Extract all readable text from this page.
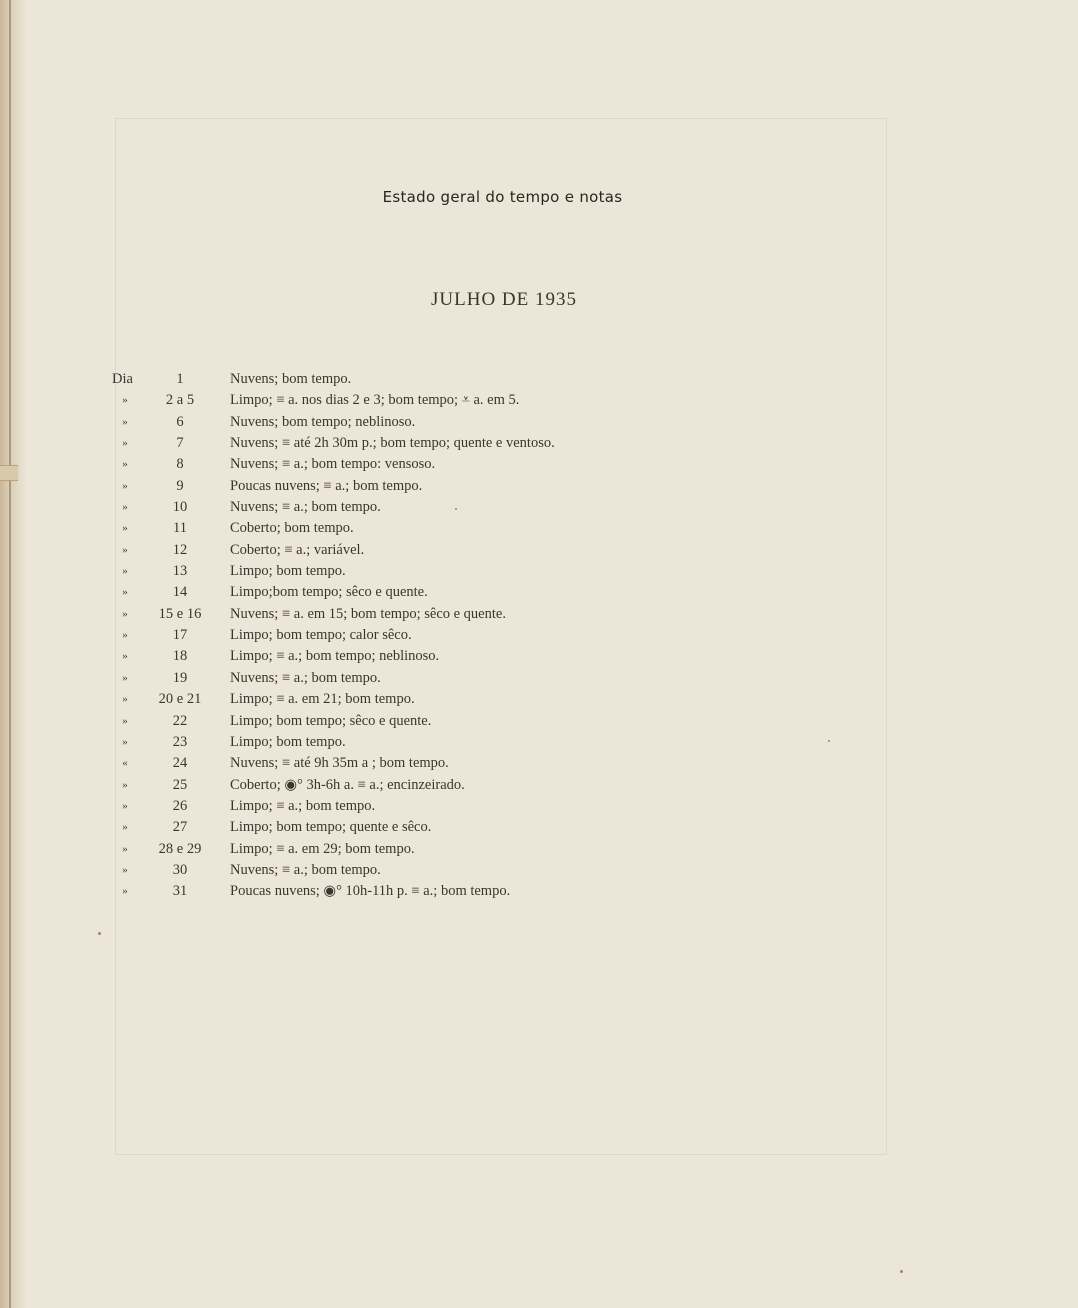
Estado geral do tempo e notas
JULHO DE 1935
Dia	1	Nuvens; bom tempo.
»	2 a 5	Limpo; ≡ a. nos dias 2 e 3; bom tempo; ⩡ a. em 5.
»	6	Nuvens; bom tempo; neblinoso.
»	7	Nuvens; ≡ até 2h 30m p.; bom tempo; quente e ventoso.
»	8	Nuvens; ≡ a.; bom tempo: vensoso.
»	9	Poucas nuvens; ≡ a.; bom tempo.
»	10	Nuvens; ≡ a.; bom tempo.
»	11	Coberto; bom tempo.
»	12	Coberto; ≡ a.; variável.
»	13	Limpo; bom tempo.
»	14	Limpo;bom tempo; sêco e quente.
»	15 e 16	Nuvens; ≡ a. em 15; bom tempo; sêco e quente.
»	17	Limpo; bom tempo; calor sêco.
»	18	Limpo; ≡ a.; bom tempo; neblinoso.
»	19	Nuvens; ≡ a.; bom tempo.
»	20 e 21	Limpo; ≡ a. em 21; bom tempo.
»	22	Limpo; bom tempo; sêco e quente.
»	23	Limpo; bom tempo.
«	24	Nuvens; ≡ até 9h 35m a ; bom tempo.
»	25	Coberto; ◉° 3h-6h a. ≡ a.; encinzeirado.
»	26	Limpo; ≡ a.; bom tempo.
»	27	Limpo; bom tempo; quente e sêco.
»	28 e 29	Limpo; ≡ a. em 29; bom tempo.
»	30	Nuvens; ≡ a.; bom tempo.
»	31	Poucas nuvens; ◉° 10h-11h p. ≡ a.; bom tempo.
